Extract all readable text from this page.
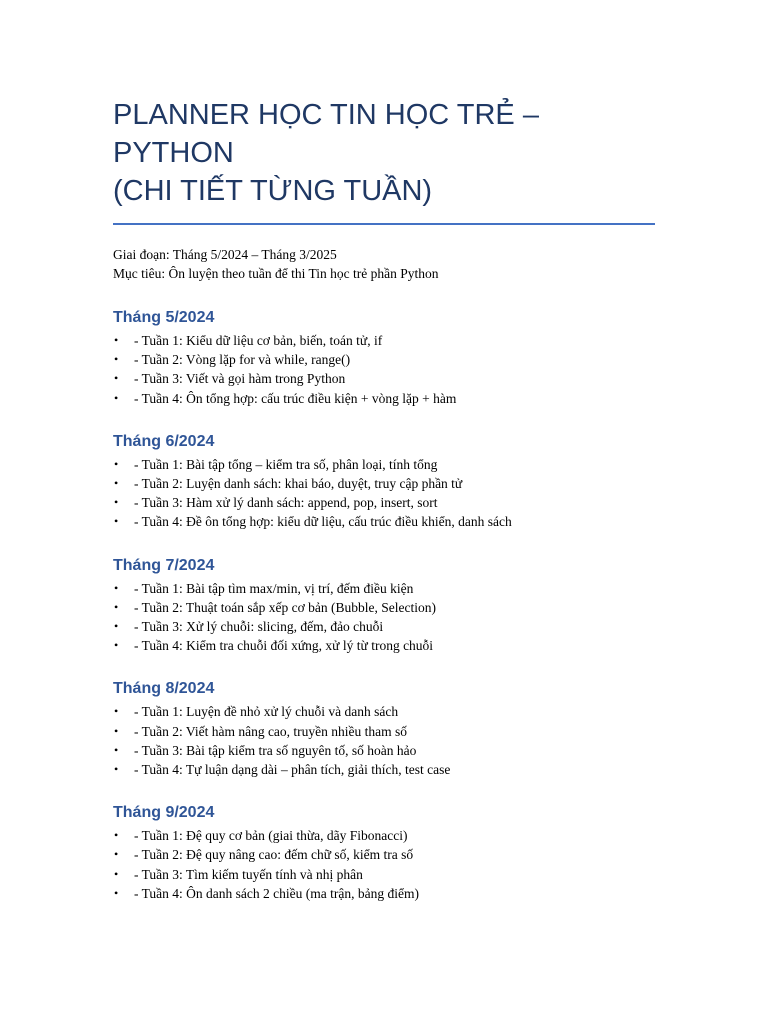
PLANNER HỌC TIN HỌC TRẺ – PYTHON
(CHI TIẾT TỪNG TUẦN)

Giai đoạn: Tháng 5/2024 – Tháng 3/2025

Mục tiêu: Ôn luyện theo tuần để thi Tin học trẻ phần Python

Tháng 5/2024
• - Tuần 1: Kiểu dữ liệu cơ bản, biến, toán tử, if
• - Tuần 2: Vòng lặp for và while, range()
• - Tuần 3: Viết và gọi hàm trong Python
• - Tuần 4: Ôn tổng hợp: cấu trúc điều kiện + vòng lặp + hàm
Tháng 6/2024
• - Tuần 1: Bài tập tổng – kiểm tra số, phân loại, tính tổng
• - Tuần 2: Luyện danh sách: khai báo, duyệt, truy cập phần tử
• - Tuần 3: Hàm xử lý danh sách: append, pop, insert, sort
• - Tuần 4: Đề ôn tổng hợp: kiểu dữ liệu, cấu trúc điều khiển, danh sách
Tháng 7/2024
• - Tuần 1: Bài tập tìm max/min, vị trí, đếm điều kiện
• - Tuần 2: Thuật toán sắp xếp cơ bản (Bubble, Selection)
• - Tuần 3: Xử lý chuỗi: slicing, đếm, đảo chuỗi
• - Tuần 4: Kiểm tra chuỗi đối xứng, xử lý từ trong chuỗi
Tháng 8/2024
• - Tuần 1: Luyện đề nhỏ xử lý chuỗi và danh sách
• - Tuần 2: Viết hàm nâng cao, truyền nhiều tham số
• - Tuần 3: Bài tập kiểm tra số nguyên tố, số hoàn hảo
• - Tuần 4: Tự luận dạng dài – phân tích, giải thích, test case
Tháng 9/2024
• - Tuần 1: Đệ quy cơ bản (giai thừa, dãy Fibonacci)
• - Tuần 2: Đệ quy nâng cao: đếm chữ số, kiểm tra số
• - Tuần 3: Tìm kiếm tuyến tính và nhị phân
• - Tuần 4: Ôn danh sách 2 chiều (ma trận, bảng điểm)
